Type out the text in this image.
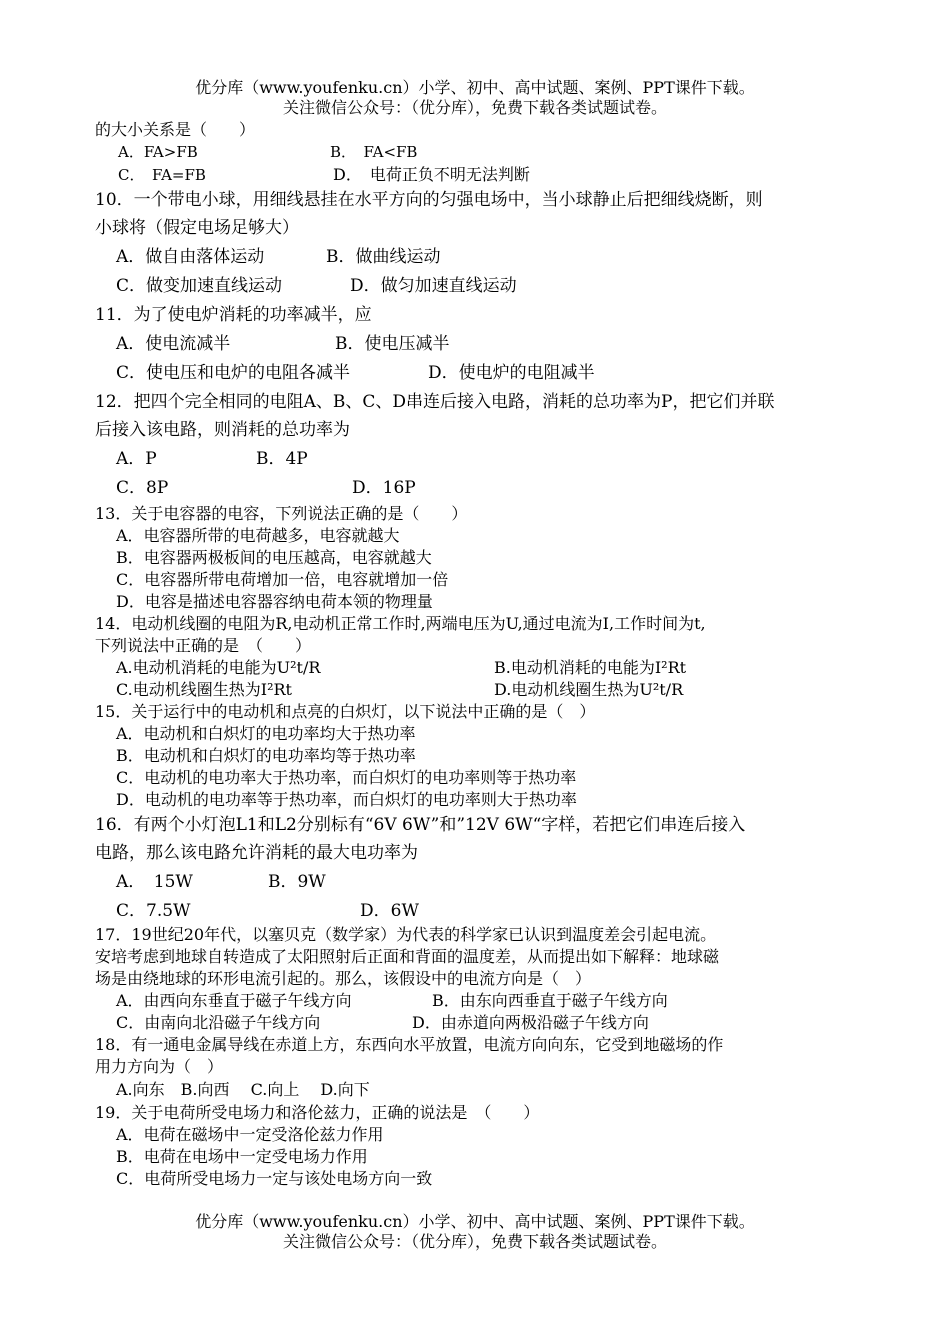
优分库（www.youfenku.cn）小学、初中、高中试题、案例、PPT课件下载。
关注微信公众号：（优分库），免费下载各类试题试卷。
的大小关系是（　　）
A．FA>FB	B．　FA<FB
C．　FA=FB	D．　电荷正负不明无法判断
10．一个带电小球，用细线悬挂在水平方向的匀强电场中，当小球静止后把细线烧断，则
小球将（假定电场足够大）
A．做自由落体运动	B．做曲线运动
C．做变加速直线运动	D．做匀加速直线运动
11．为了使电炉消耗的功率减半，应
A．使电流减半	B．使电压减半
C．使电压和电炉的电阻各减半	D．使电炉的电阻减半
12．把四个完全相同的电阻A、B、C、D串连后接入电路，消耗的总功率为P，把它们并联
后接入该电路，则消耗的总功率为
A．P	B．4P
C．8P	D．16P
13．关于电容器的电容，下列说法正确的是（　　）
A．电容器所带的电荷越多，电容就越大
B．电容器两极板间的电压越高，电容就越大
C．电容器所带电荷增加一倍，电容就增加一倍
D．电容是描述电容器容纳电荷本领的物理量
14．电动机线圈的电阻为R,电动机正常工作时,两端电压为U,通过电流为I,工作时间为t,
下列说法中正确的是　（　　）
A.电动机消耗的电能为U²t/R	B.电动机消耗的电能为I²Rt
C.电动机线圈生热为I²Rt	D.电动机线圈生热为U²t/R
15．关于运行中的电动机和点亮的白炽灯，以下说法中正确的是（　）
A．电动机和白炽灯的电功率均大于热功率
B．电动机和白炽灯的电功率均等于热功率
C．电动机的电功率大于热功率，而白炽灯的电功率则等于热功率
D．电动机的电功率等于热功率，而白炽灯的电功率则大于热功率
16．有两个小灯泡L1和L2分别标有“6V 6W”和”12V 6W“字样，若把它们串连后接入
电路，那么该电路允许消耗的最大电功率为
A．　15W	B．9W
C．7.5W	D．6W
17．19世纪20年代，以塞贝克（数学家）为代表的科学家已认识到温度差会引起电流。
安培考虑到地球自转造成了太阳照射后正面和背面的温度差，从而提出如下解释：地球磁
场是由绕地球的环形电流引起的。那么，该假设中的电流方向是（　）
A．由西向东垂直于磁子午线方向	B．由东向西垂直于磁子午线方向
C．由南向北沿磁子午线方向	D．由赤道向两极沿磁子午线方向
18．有一通电金属导线在赤道上方，东西向水平放置，电流方向向东，它受到地磁场的作
用力方向为（　）
A.向东　B.向西　 C.向上　 D.向下
19．关于电荷所受电场力和洛伦兹力，正确的说法是　（　　）
A．电荷在磁场中一定受洛伦兹力作用
B．电荷在电场中一定受电场力作用
C．电荷所受电场力一定与该处电场方向一致
优分库（www.youfenku.cn）小学、初中、高中试题、案例、PPT课件下载。
关注微信公众号：（优分库），免费下载各类试题试卷。
